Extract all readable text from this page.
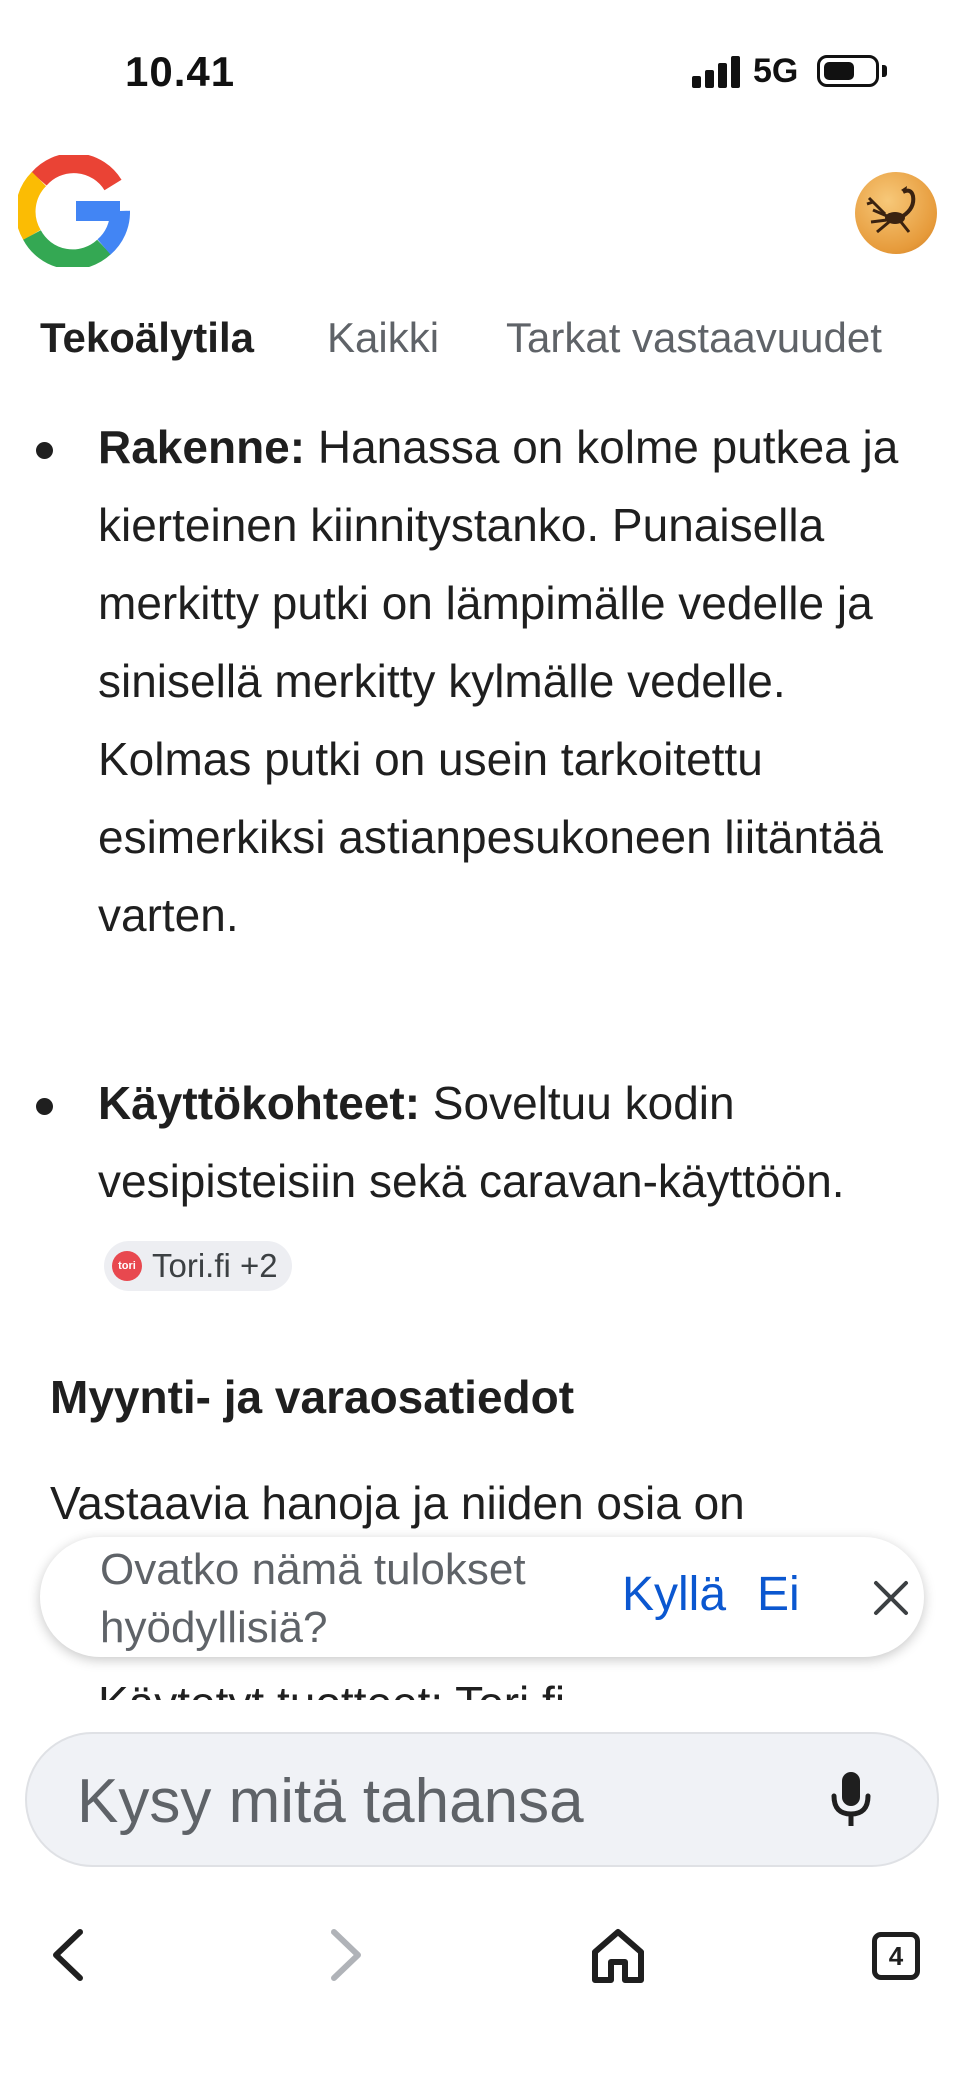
10.41	5G
Tekoälytila Kaikki Tarkat vastaavuudet
Rakenne: Hanassa on kolme putkea ja kierteinen kiinnitystanko. Punaisella merkitty putki on lämpimälle vedelle ja sinisellä merkitty kylmälle vedelle. Kolmas putki on usein tarkoitettu esimerkiksi astianpesukoneen liitäntää varten.
Käyttökohteet: Soveltuu kodin vesipisteisiin sekä caravan-käyttöön.
tori Tori.fi +2
Myynti- ja varaosatiedot
Vastaavia hanoja ja niiden osia on
Ovatko nämä tulokset hyödyllisiä?
Kyllä Ei
Kysy mitä tahansa
4
